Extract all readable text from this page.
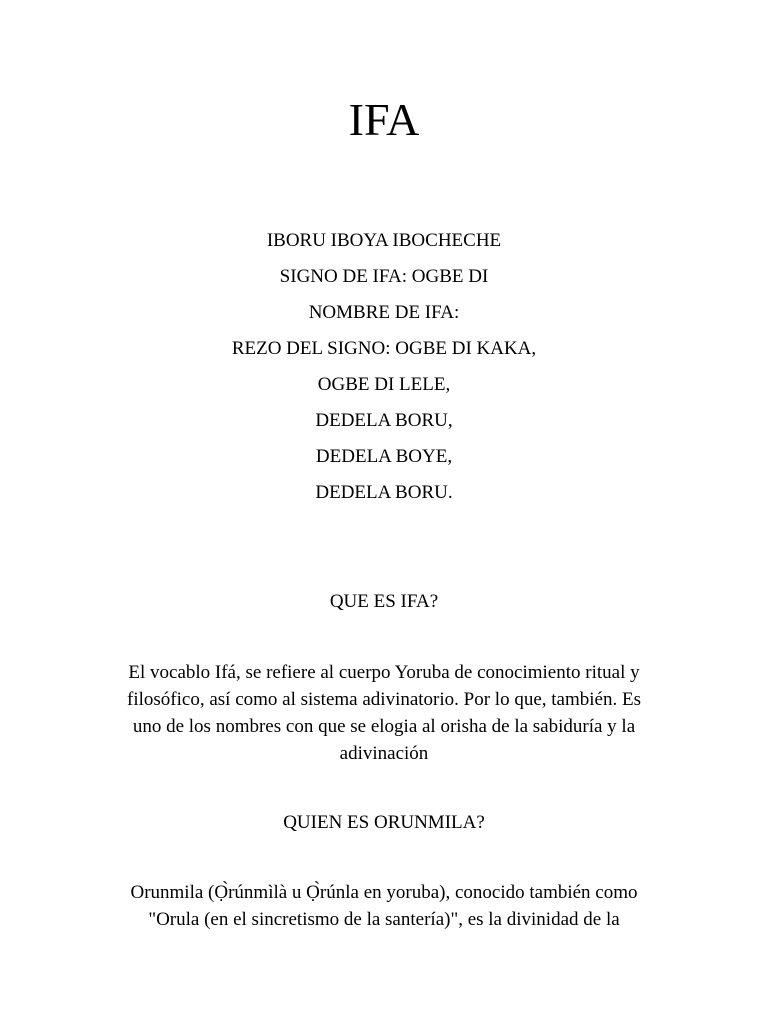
IFA
IBORU IBOYA IBOCHECHE
SIGNO DE IFA: OGBE DI
NOMBRE DE IFA:
REZO DEL SIGNO: OGBE DI KAKA,
OGBE DI LELE,
DEDELA BORU,
DEDELA BOYE,
DEDELA BORU.
QUE ES IFA?
El vocablo Ifá, se refiere al cuerpo Yoruba de conocimiento ritual y
filosófico, así como al sistema adivinatorio. Por lo que, también. Es
uno de los nombres con que se elogia al orisha de la sabiduría y la
adivinación
QUIEN ES ORUNMILA?
Orunmila (Ọ̀rúnmìlà u Ọ̀rúnla en yoruba), conocido también como
"Orula (en el sincretismo de la santería)", es la divinidad de la
